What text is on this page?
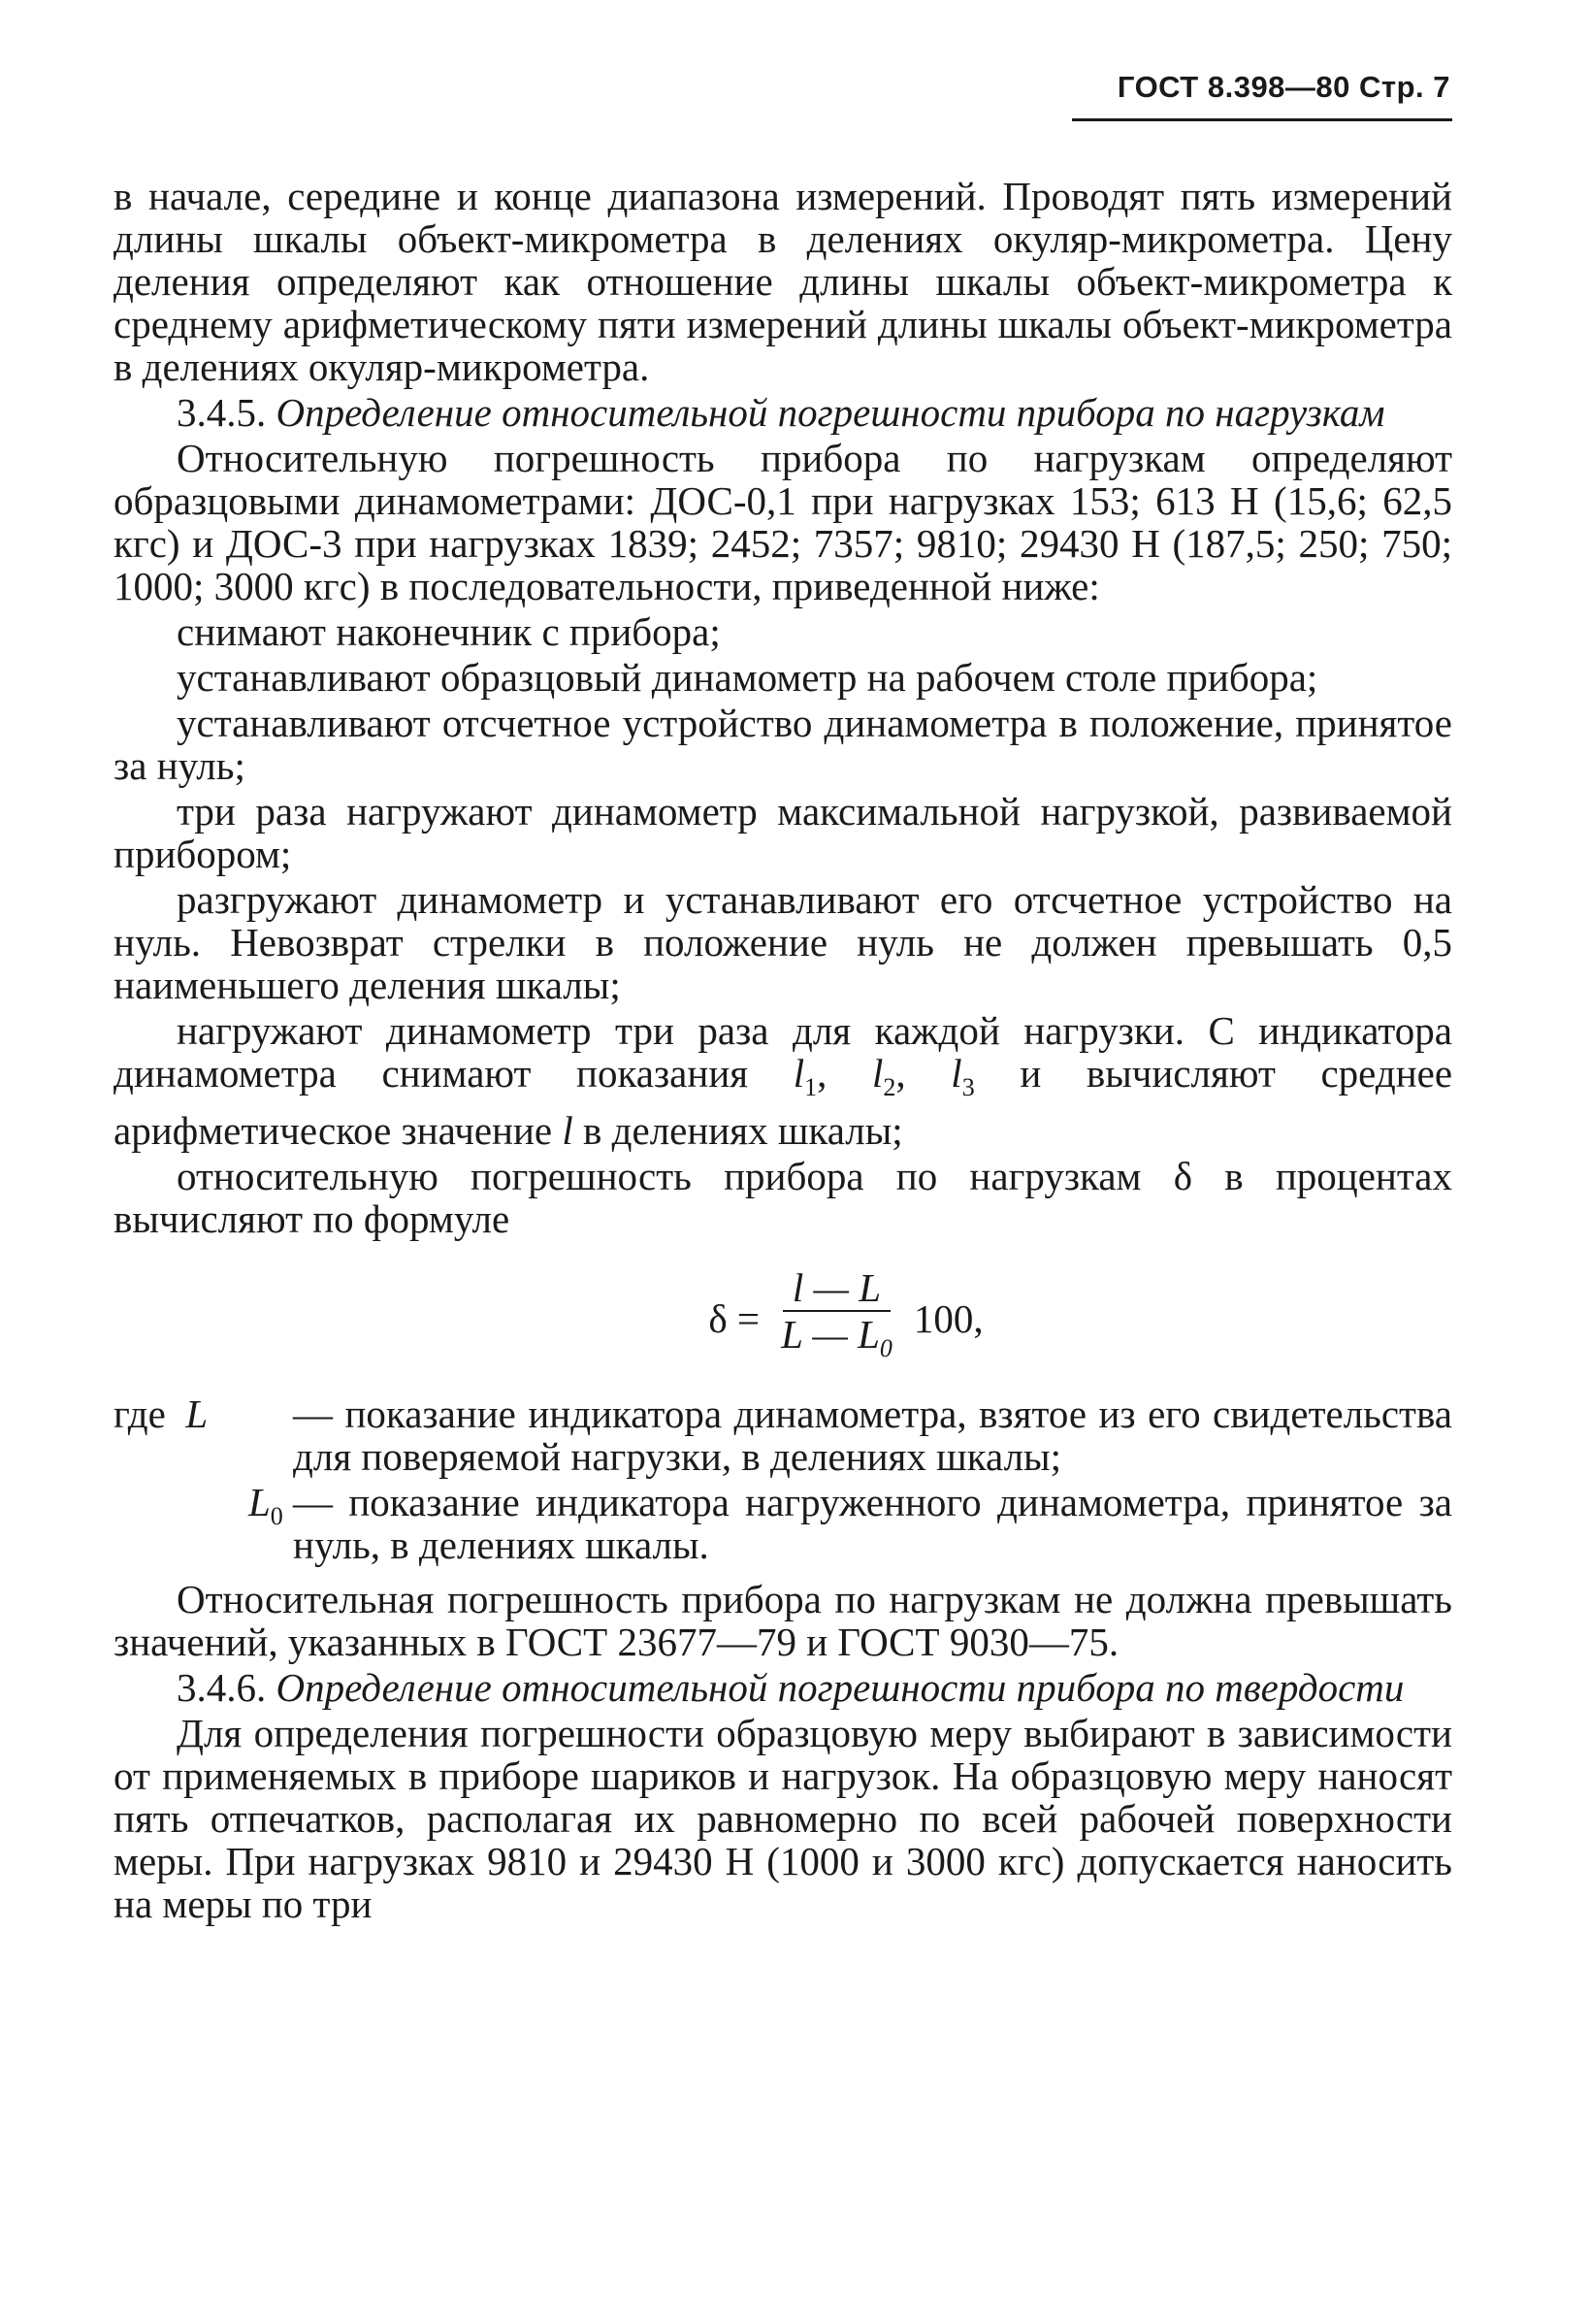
ГОСТ 8.398—80 Стр. 7

в начале, середине и конце диапазона измерений. Проводят пять измерений длины шкалы объект-микрометра в делениях окуляр-микрометра. Цену деления определяют как отношение длины шкалы объект-микрометра к среднему арифметическому пяти измерений длины шкалы объект-микрометра в делениях окуляр-микрометра.

3.4.5. Определение относительной погрешности прибора по нагрузкам

Относительную погрешность прибора по нагрузкам определяют образцовыми динамометрами: ДОС-0,1 при нагрузках 153; 613 Н (15,6; 62,5 кгс) и ДОС-3 при нагрузках 1839; 2452; 7357; 9810; 29430 Н (187,5; 250; 750; 1000; 3000 кгс) в последовательности, приведенной ниже:

снимают наконечник с прибора;

устанавливают образцовый динамометр на рабочем столе прибора;

устанавливают отсчетное устройство динамометра в положение, принятое за нуль;

три раза нагружают динамометр максимальной нагрузкой, развиваемой прибором;

разгружают динамометр и устанавливают его отсчетное устройство на нуль. Невозврат стрелки в положение нуль не должен превышать 0,5 наименьшего деления шкалы;

нагружают динамометр три раза для каждой нагрузки. С индикатора динамометра снимают показания $l_1$, $l_2$, $l_3$ и вычисляют среднее арифметическое значение l в делениях шкалы;

относительную погрешность прибора по нагрузкам δ в процентах вычисляют по формуле

$\delta = \frac{l — L}{L — L_0} 100$,
где L	— показание индикатора динамометра, взятое из его свидетельства для поверяемой нагрузки, в делениях шкалы;
$L_0$ — показание индикатора нагруженного динамометра, принятое за нуль, в делениях шкалы.

Относительная погрешность прибора по нагрузкам не должна превышать значений, указанных в ГОСТ 23677—79 и ГОСТ 9030—75.

3.4.6. Определение относительной погрешности прибора по твердости

Для определения погрешности образцовую меру выбирают в зависимости от применяемых в приборе шариков и нагрузок. На образцовую меру наносят пять отпечатков, располагая их равномерно по всей рабочей поверхности меры. При нагрузках 9810 и 29430 Н (1000 и 3000 кгс) допускается наносить на меры по три
